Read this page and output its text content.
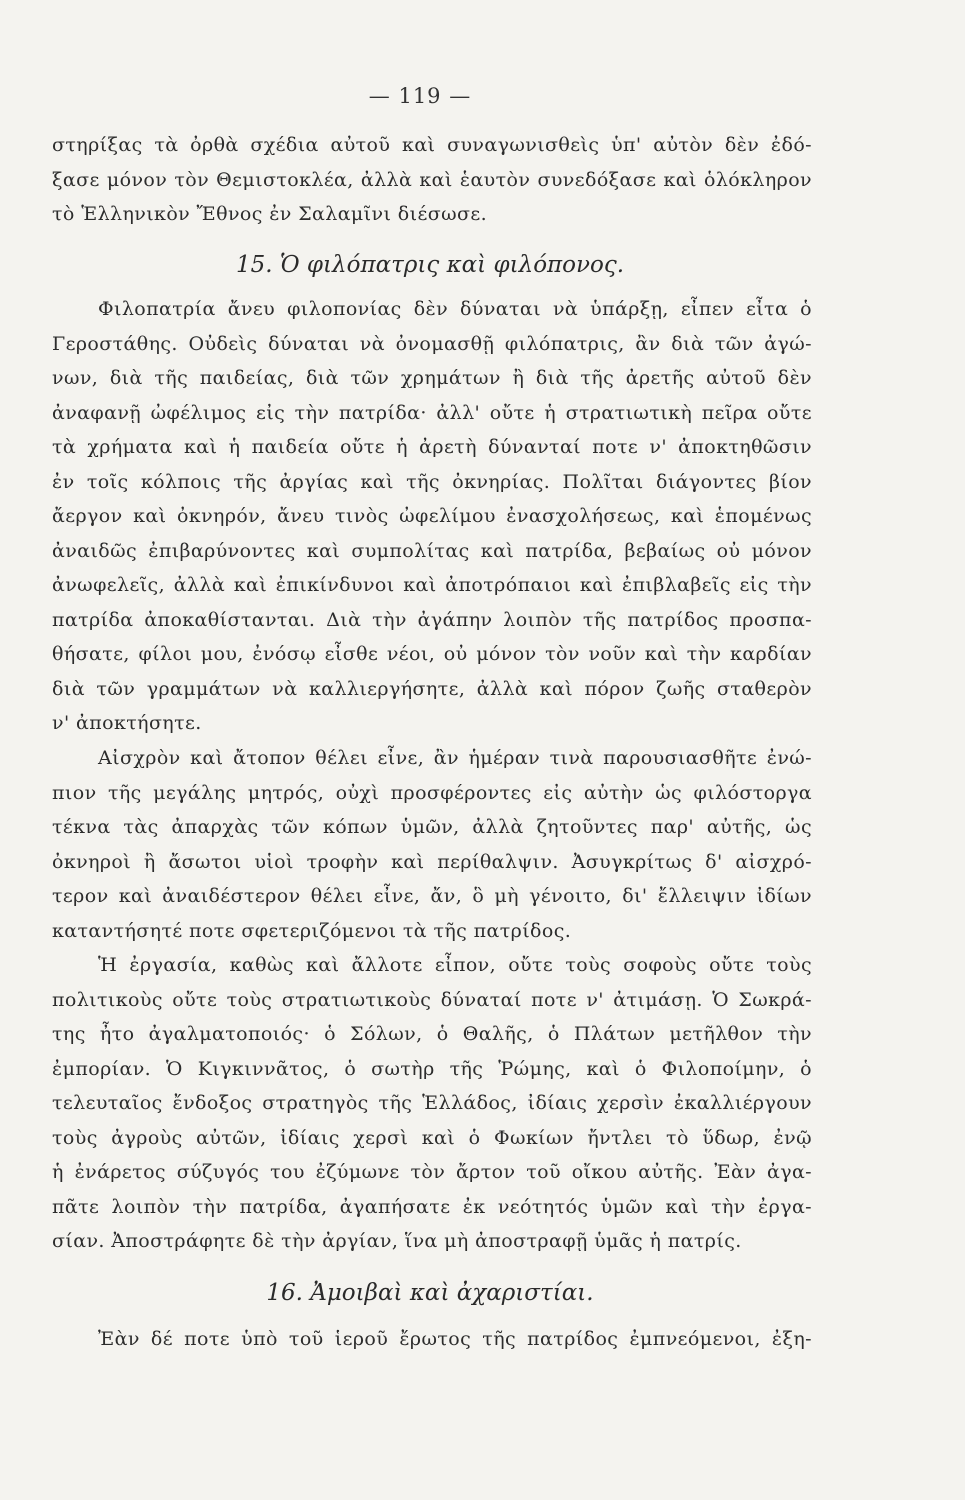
— 119 —
στηρίξας τὰ ὀρθὰ σχέδια αὐτοῦ καὶ συναγωνισθεὶς ὑπ' αὐτὸν δὲν ἐδό-
ξασε μόνον τὸν Θεμιστοκλέα, ἀλλὰ καὶ ἑαυτὸν συνεδόξασε καὶ ὁλόκληρον
τὸ Ἑλληνικὸν Ἔθνος ἐν Σαλαμῖνι διέσωσε.
15. Ὁ φιλόπατρις καὶ φιλόπονος.
Φιλοπατρία ἄνευ φιλοπονίας δὲν δύναται νὰ ὑπάρξῃ, εἶπεν εἶτα ὁ
Γεροστάθης. Οὐδεὶς δύναται νὰ ὀνομασθῇ φιλόπατρις, ἂν διὰ τῶν ἀγώ-
νων, διὰ τῆς παιδείας, διὰ τῶν χρημάτων ἢ διὰ τῆς ἀρετῆς αὐτοῦ δὲν
ἀναφανῇ ὠφέλιμος εἰς τὴν πατρίδα· ἀλλ' οὔτε ἡ στρατιωτικὴ πεῖρα οὔτε
τὰ χρήματα καὶ ἡ παιδεία οὔτε ἡ ἀρετὴ δύνανταί ποτε ν' ἀποκτηθῶσιν
ἐν τοῖς κόλποις τῆς ἀργίας καὶ τῆς ὀκνηρίας. Πολῖται διάγοντες βίον
ἄεργον καὶ ὀκνηρόν, ἄνευ τινὸς ὠφελίμου ἐνασχολήσεως, καὶ ἑπομένως
ἀναιδῶς ἐπιβαρύνοντες καὶ συμπολίτας καὶ πατρίδα, βεβαίως οὐ μόνον
ἀνωφελεῖς, ἀλλὰ καὶ ἐπικίνδυνοι καὶ ἀποτρόπαιοι καὶ ἐπιβλαβεῖς εἰς τὴν
πατρίδα ἀποκαθίστανται. Διὰ τὴν ἀγάπην λοιπὸν τῆς πατρίδος προσπα-
θήσατε, φίλοι μου, ἐνόσῳ εἶσθε νέοι, οὐ μόνον τὸν νοῦν καὶ τὴν καρδίαν
διὰ τῶν γραμμάτων νὰ καλλιεργήσητε, ἀλλὰ καὶ πόρον ζωῆς σταθερὸν
ν' ἀποκτήσητε.
Αἰσχρὸν καὶ ἄτοπον θέλει εἶνε, ἂν ἡμέραν τινὰ παρουσιασθῆτε ἐνώ-
πιον τῆς μεγάλης μητρός, οὐχὶ προσφέροντες εἰς αὐτὴν ὡς φιλόστοργα
τέκνα τὰς ἀπαρχὰς τῶν κόπων ὑμῶν, ἀλλὰ ζητοῦντες παρ' αὐτῆς, ὡς
ὀκνηροὶ ἢ ἄσωτοι υἱοὶ τροφὴν καὶ περίθαλψιν. Ἀσυγκρίτως δ' αἰσχρό-
τερον καὶ ἀναιδέστερον θέλει εἶνε, ἄν, ὃ μὴ γένοιτο, δι' ἔλλειψιν ἰδίων
καταντήσητέ ποτε σφετεριζόμενοι τὰ τῆς πατρίδος.
Ἡ ἐργασία, καθὼς καὶ ἄλλοτε εἶπον, οὔτε τοὺς σοφοὺς οὔτε τοὺς
πολιτικοὺς οὔτε τοὺς στρατιωτικοὺς δύναταί ποτε ν' ἀτιμάσῃ. Ὁ Σωκρά-
της ἦτο ἀγαλματοποιός· ὁ Σόλων, ὁ Θαλῆς, ὁ Πλάτων μετῆλθον τὴν
ἐμπορίαν. Ὁ Κιγκιννᾶτος, ὁ σωτὴρ τῆς Ῥώμης, καὶ ὁ Φιλοποίμην, ὁ
τελευταῖος ἔνδοξος στρατηγὸς τῆς Ἑλλάδος, ἰδίαις χερσὶν ἐκαλλιέργουν
τοὺς ἀγροὺς αὐτῶν, ἰδίαις χερσὶ καὶ ὁ Φωκίων ἤντλει τὸ ὕδωρ, ἐνῷ
ἡ ἐνάρετος σύζυγός του ἐζύμωνε τὸν ἄρτον τοῦ οἴκου αὐτῆς. Ἐὰν ἀγα-
πᾶτε λοιπὸν τὴν πατρίδα, ἀγαπήσατε ἐκ νεότητός ὑμῶν καὶ τὴν ἐργα-
σίαν. Ἀποστράφητε δὲ τὴν ἀργίαν, ἵνα μὴ ἀποστραφῇ ὑμᾶς ἡ πατρίς.
16. Ἀμοιβαὶ καὶ ἀχαριστίαι.
Ἐὰν δέ ποτε ὑπὸ τοῦ ἱεροῦ ἔρωτος τῆς πατρίδος ἐμπνεόμενοι, ἐξη-
